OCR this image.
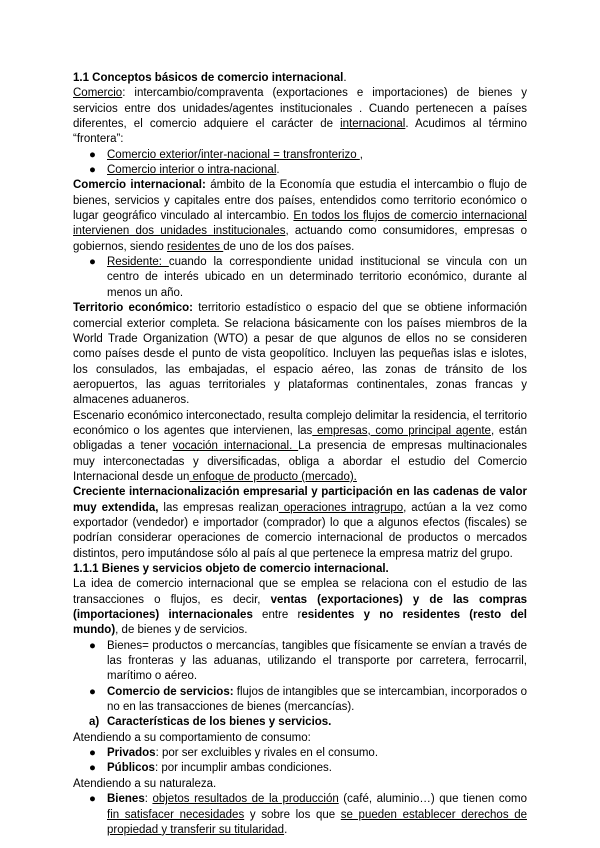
1.1 Conceptos básicos de comercio internacional.

Comercio: intercambio/compraventa (exportaciones e importaciones) de bienes y servicios entre dos unidades/agentes institucionales . Cuando pertenecen a países diferentes, el comercio adquiere el carácter de internacional. Acudimos al término “frontera”:

● Comercio exterior/inter-nacional = transfronterizo ,
● Comercio interior o intra-nacional.

Comercio internacional: ámbito de la Economía que estudia el intercambio o flujo de bienes, servicios y capitales entre dos países, entendidos como territorio económico o lugar geográfico vinculado al intercambio. En todos los flujos de comercio internacional intervienen dos unidades institucionales, actuando como consumidores, empresas o gobiernos, siendo residentes de uno de los dos países.

● Residente: cuando la correspondiente unidad institucional se vincula con un centro de interés ubicado en un determinado territorio económico, durante al menos un año.

Territorio económico: territorio estadístico o espacio del que se obtiene información comercial exterior completa. Se relaciona básicamente con los países miembros de la World Trade Organization (WTO) a pesar de que algunos de ellos no se consideren como países desde el punto de vista geopolítico. Incluyen las pequeñas islas e islotes, los consulados, las embajadas, el espacio aéreo, las zonas de tránsito de los aeropuertos, las aguas territoriales y plataformas continentales, zonas francas y almacenes aduaneros.

Escenario económico interconectado, resulta complejo delimitar la residencia, el territorio económico o los agentes que intervienen, las empresas, como principal agente, están obligadas a tener vocación internacional. La presencia de empresas multinacionales muy interconectadas y diversificadas, obliga a abordar el estudio del Comercio Internacional desde un enfoque de producto (mercado).

Creciente internacionalización empresarial y participación en las cadenas de valor muy extendida, las empresas realizan operaciones intragrupo, actúan a la vez como exportador (vendedor) e importador (comprador) lo que a algunos efectos (fiscales) se podrían considerar operaciones de comercio internacional de productos o mercados distintos, pero imputándose sólo al país al que pertenece la empresa matriz del grupo.

1.1.1 Bienes y servicios objeto de comercio internacional.

La idea de comercio internacional que se emplea se relaciona con el estudio de las transacciones o flujos, es decir, ventas (exportaciones) y de las compras (importaciones) internacionales entre residentes y no residentes (resto del mundo), de bienes y de servicios.

● Bienes= productos o mercancías, tangibles que físicamente se envían a través de las fronteras y las aduanas, utilizando el transporte por carretera, ferrocarril, marítimo o aéreo.
● Comercio de servicios: flujos de intangibles que se intercambian, incorporados o no en las transacciones de bienes (mercancías).
a) Características de los bienes y servicios.

Atendiendo a su comportamiento de consumo:

● Privados: por ser excluibles y rivales en el consumo.
● Públicos: por incumplir ambas condiciones.

Atendiendo a su naturaleza.

● Bienes: objetos resultados de la producción (café, aluminio…) que tienen como fin satisfacer necesidades y sobre los que se pueden establecer derechos de propiedad y transferir su titularidad.
